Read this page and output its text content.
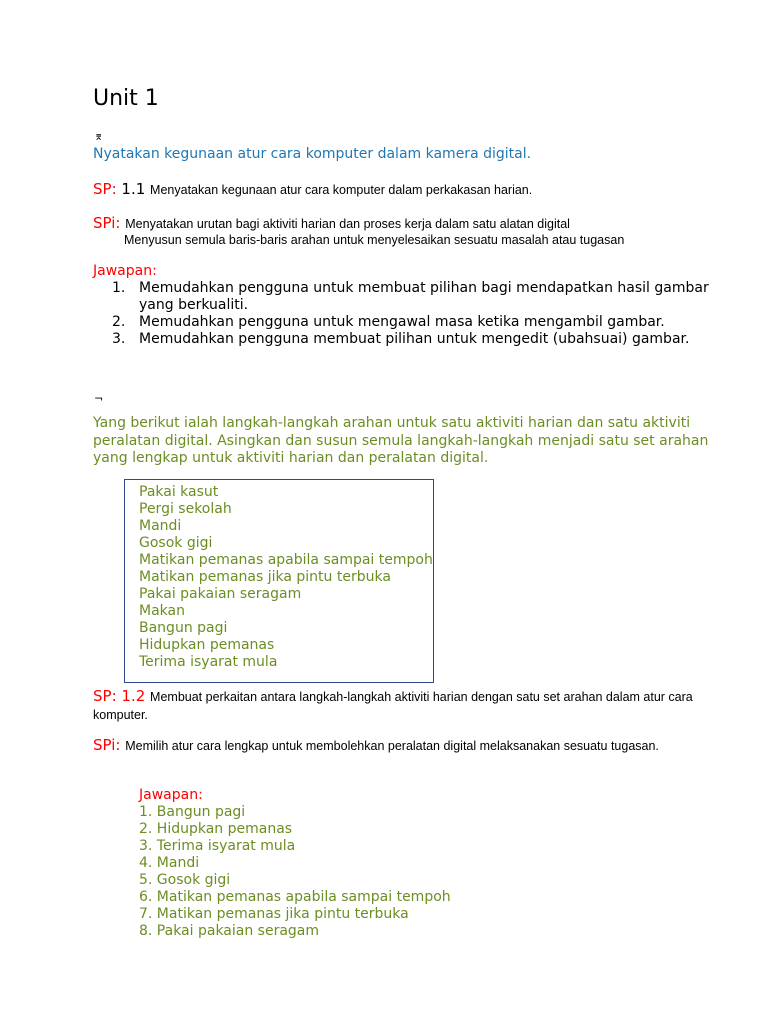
Unit 1
⌆
Nyatakan kegunaan atur cara komputer dalam kamera digital.
SP: 1.1 Menyatakan kegunaan atur cara komputer dalam perkakasan harian.
SPi: Menyatakan urutan bagi aktiviti harian dan proses kerja dalam satu alatan digital
Menyusun semula baris-baris arahan untuk menyelesaikan sesuatu masalah atau tugasan
Jawapan:
1. Memudahkan pengguna untuk membuat pilihan bagi mendapatkan hasil gambar yang berkualiti.
2. Memudahkan pengguna untuk mengawal masa ketika mengambil gambar.
3. Memudahkan pengguna membuat pilihan untuk mengedit (ubahsuai) gambar.
¬
Yang berikut ialah langkah-langkah arahan untuk satu aktiviti harian dan satu aktiviti peralatan digital. Asingkan dan susun semula langkah-langkah menjadi satu set arahan yang lengkap untuk aktiviti harian dan peralatan digital.
Pakai kasut
Pergi sekolah
Mandi
Gosok gigi
Matikan pemanas apabila sampai tempoh
Matikan pemanas jika pintu terbuka
Pakai pakaian seragam
Makan
Bangun pagi
Hidupkan pemanas
Terima isyarat mula
SP: 1.2 Membuat perkaitan antara langkah-langkah aktiviti harian dengan satu set arahan dalam atur cara komputer.
SPi: Memilih atur cara lengkap untuk membolehkan peralatan digital melaksanakan sesuatu tugasan.
Jawapan:
1. Bangun pagi
2. Hidupkan pemanas
3. Terima isyarat mula
4. Mandi
5. Gosok gigi
6. Matikan pemanas apabila sampai tempoh
7. Matikan pemanas jika pintu terbuka
8. Pakai pakaian seragam
